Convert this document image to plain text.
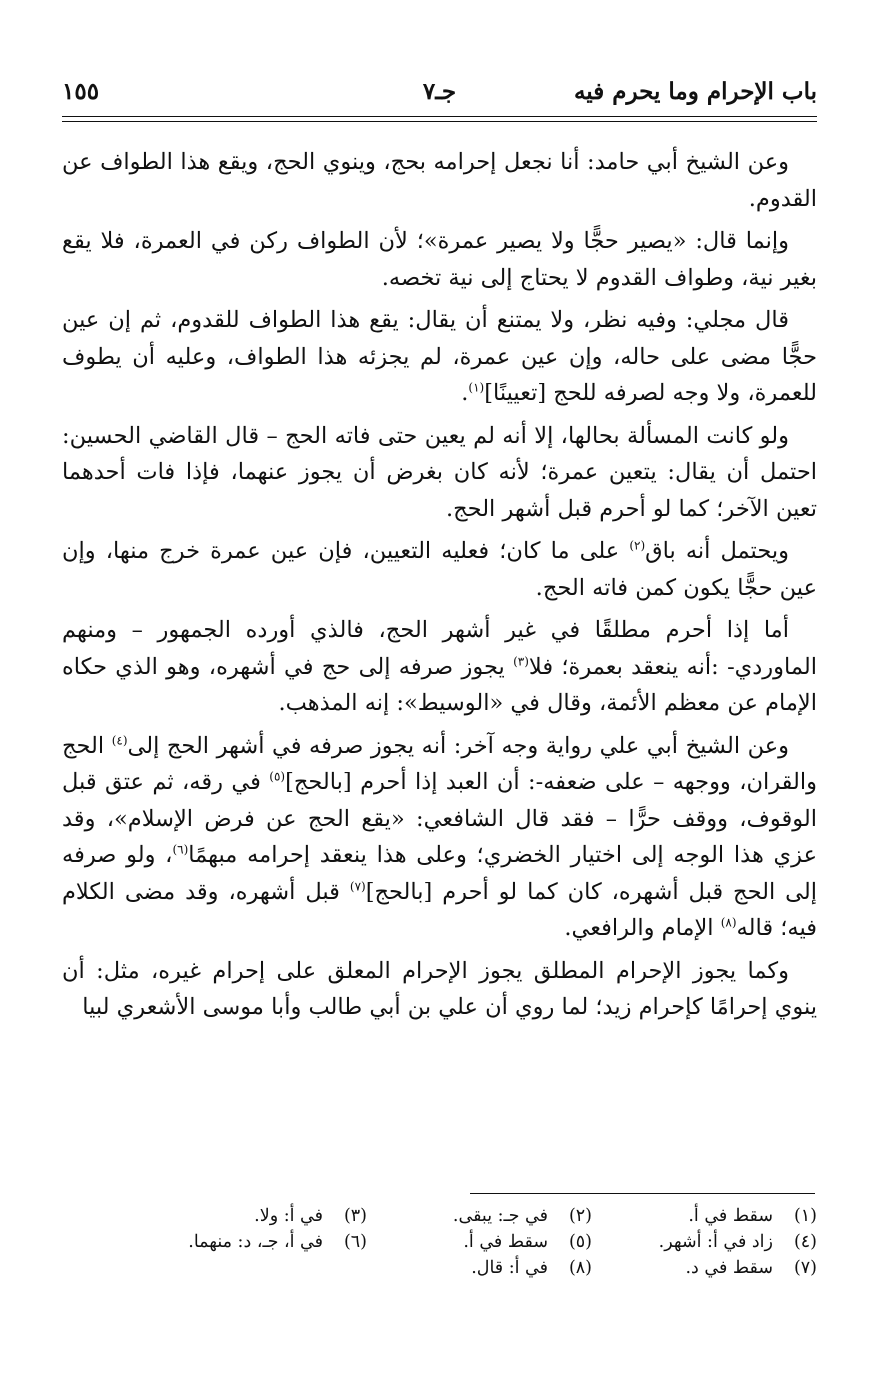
باب الإحرام وما يحرم فيه
جـ٧
١٥٥

وعن الشيخ أبي حامد: أنا نجعل إحرامه بحج، وينوي الحج، ويقع هذا الطواف عن القدوم.

وإنما قال: «يصير حجًّا ولا يصير عمرة»؛ لأن الطواف ركن في العمرة، فلا يقع بغير نية، وطواف القدوم لا يحتاج إلى نية تخصه.

قال مجلي: وفيه نظر، ولا يمتنع أن يقال: يقع هذا الطواف للقدوم، ثم إن عين حجًّا مضى على حاله، وإن عين عمرة، لم يجزئه هذا الطواف، وعليه أن يطوف للعمرة، ولا وجه لصرفه للحج [تعيينًا]$^{(١)}$.

ولو كانت المسألة بحالها، إلا أنه لم يعين حتى فاته الحج – قال القاضي الحسين: احتمل أن يقال: يتعين عمرة؛ لأنه كان بغرض أن يجوز عنهما، فإذا فات أحدهما تعين الآخر؛ كما لو أحرم قبل أشهر الحج.

ويحتمل أنه باق$^{(٢)}$ على ما كان؛ فعليه التعيين، فإن عين عمرة خرج منها، وإن عين حجًّا يكون كمن فاته الحج.

أما إذا أحرم مطلقًا في غير أشهر الحج، فالذي أورده الجمهور – ومنهم الماوردي- :أنه ينعقد بعمرة؛ فلا$^{(٣)}$ يجوز صرفه إلى حج في أشهره، وهو الذي حكاه الإمام عن معظم الأئمة، وقال في «الوسيط»: إنه المذهب.

وعن الشيخ أبي علي رواية وجه آخر: أنه يجوز صرفه في أشهر الحج إلى$^{(٤)}$ الحج والقران، ووجهه – على ضعفه-: أن العبد إذا أحرم [بالحج]$^{(٥)}$ في رقه، ثم عتق قبل الوقوف، ووقف حرًّا – فقد قال الشافعي: «يقع الحج عن فرض الإسلام»، وقد عزي هذا الوجه إلى اختيار الخضري؛ وعلى هذا ينعقد إحرامه مبهمًا$^{(٦)}$، ولو صرفه إلى الحج قبل أشهره، كان كما لو أحرم [بالحج]$^{(٧)}$ قبل أشهره، وقد مضى الكلام فيه؛ قاله$^{(٨)}$ الإمام والرافعي.

وكما يجوز الإحرام المطلق يجوز الإحرام المعلق على إحرام غيره، مثل: أن ينوي إحرامًا كإحرام زيد؛ لما روي أن علي بن أبي طالب وأبا موسى الأشعري لبيا

(١)سقط في أ.
(٢)في جـ: يبقى.
(٣)في أ: ولا.
(٤)زاد في أ: أشهر.
(٥)سقط في أ.
(٦)في أ، جـ، د: منهما.
(٧)سقط في د.
(٨)في أ: قال.
